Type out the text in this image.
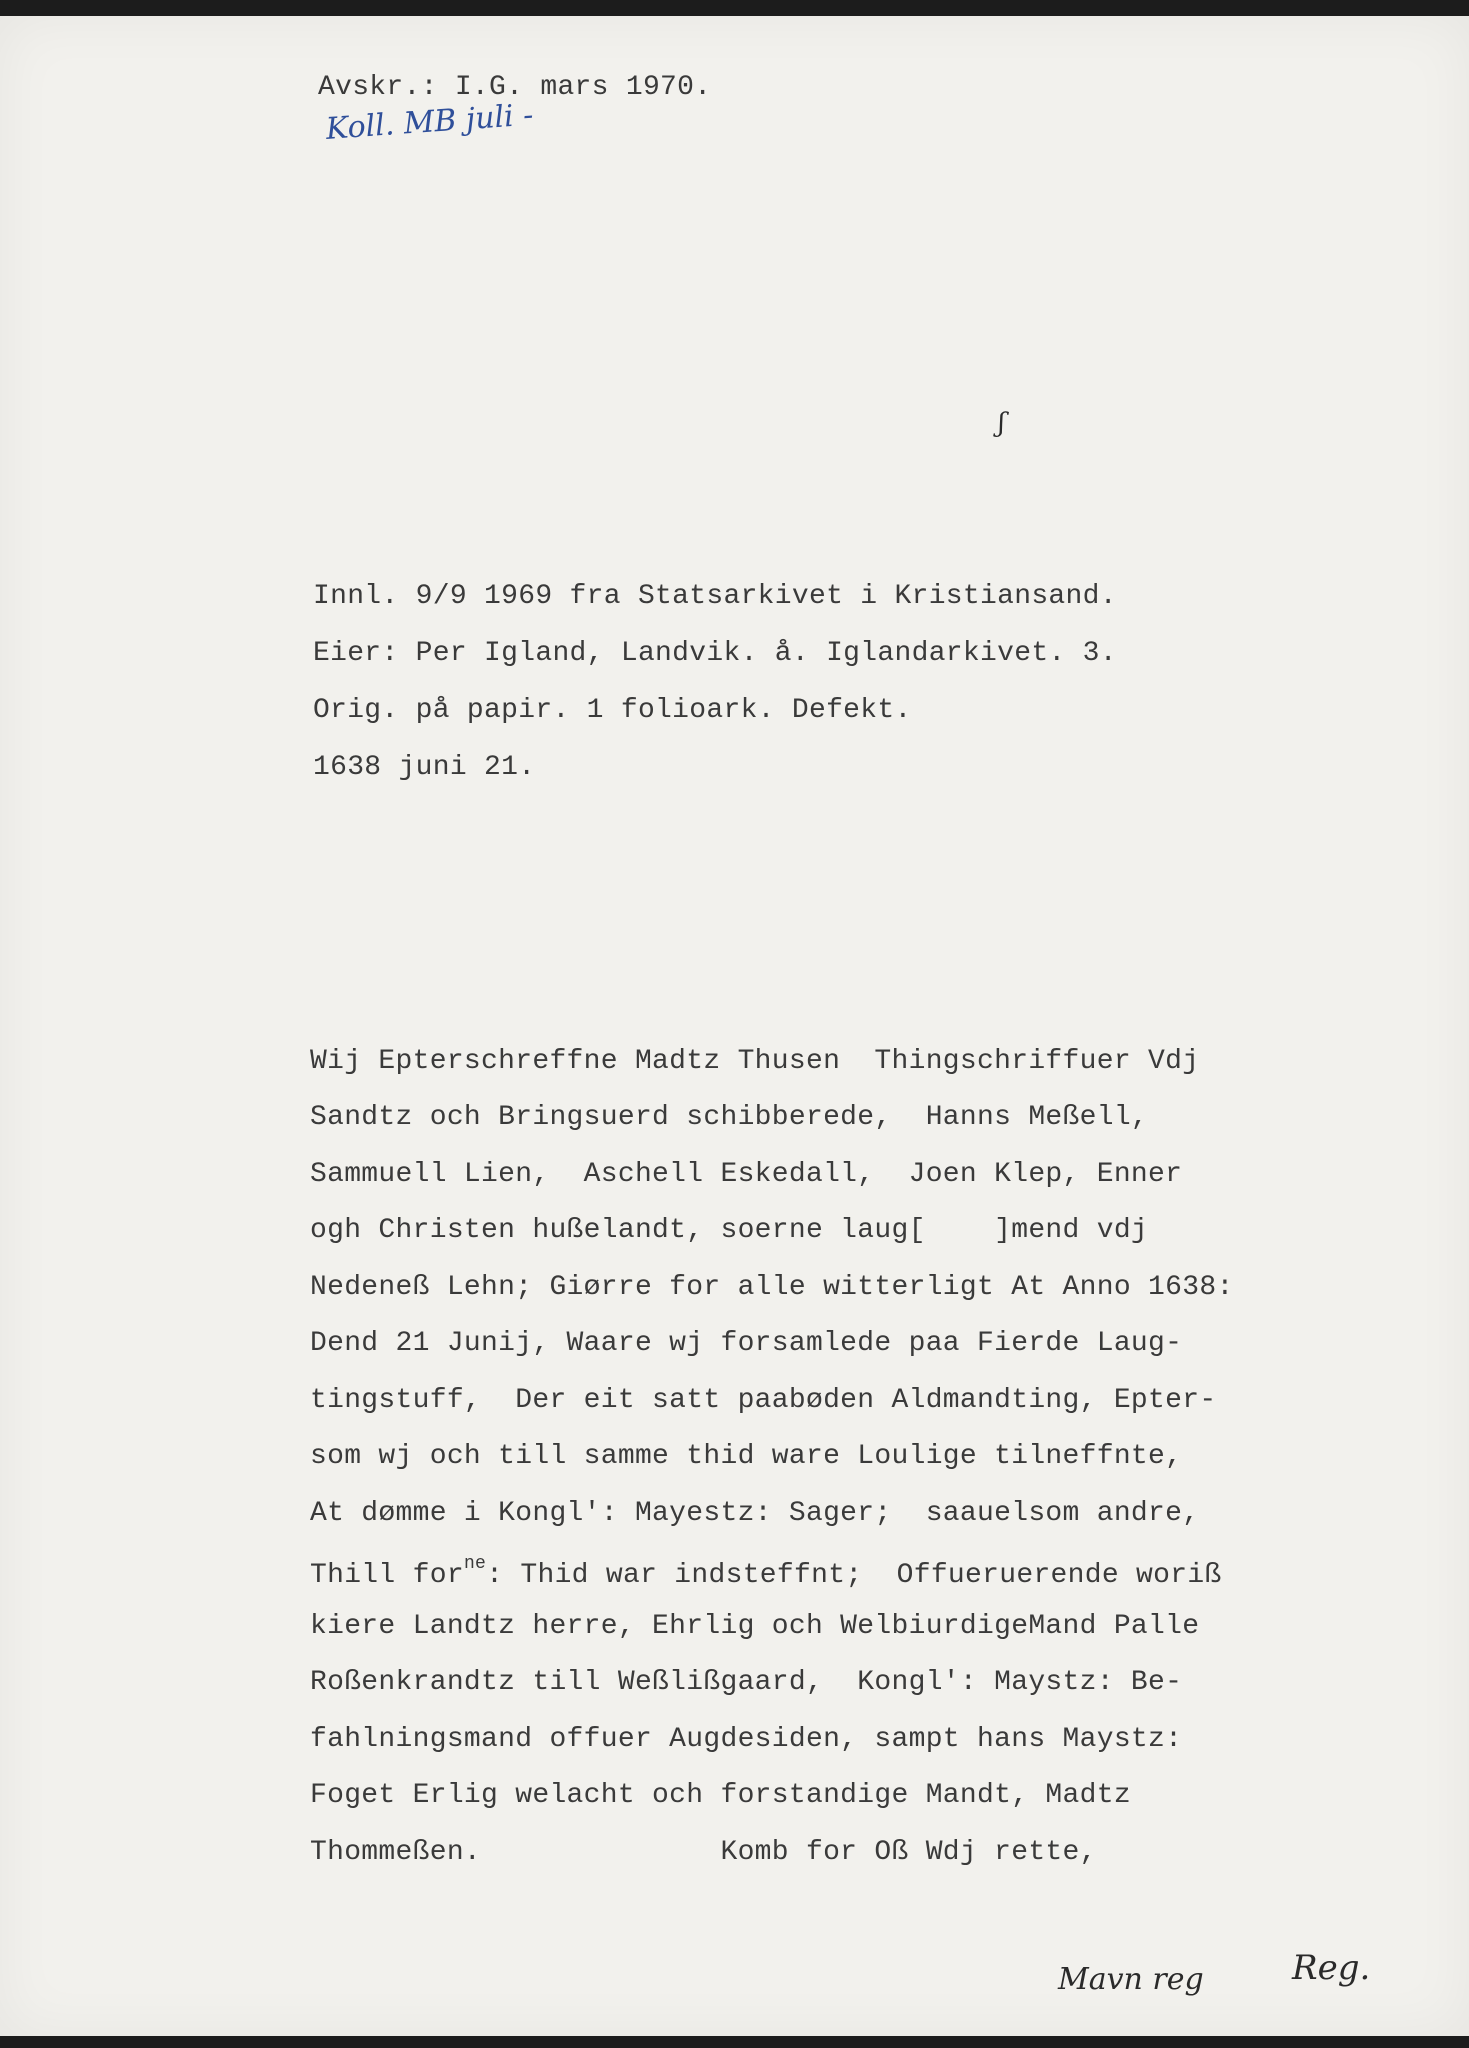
Avskr.: I.G. mars 1970.

Koll. MB juli -

ʃ

Innl. 9/9 1969 fra Statsarkivet i Kristiansand.

Eier: Per Igland, Landvik. å. Iglandarkivet. 3.

Orig. på papir. 1 folioark. Defekt.

1638 juni 21.

Wij Epterschreffne Madtz Thusen  Thingschriffuer Vdj

Sandtz och Bringsuerd schibberede,  Hanns Meßell,

Sammuell Lien,  Aschell Eskedall,  Joen Klep, Enner

ogh Christen hußelandt, soerne laug[    ]mend vdj

Nedeneß Lehn; Giørre for alle witterligt At Anno 1638:

Dend 21 Junij, Waare wj forsamlede paa Fierde Laug-

tingstuff,  Der eit satt paabøden Aldmandting, Epter-

som wj och till samme thid ware Loulige tilneffnte,

At dømme i Kongl': Mayestz: Sager;  saauelsom andre,

Thill for$^{ne}$: Thid war indsteffnt;  Offueruerende worіß

kiere Landtz herre, Ehrlig och WelbiurdigeMand Palle

Roßenkrandtz till Weßlißgaard,  Kongl': Maystz: Be-

fahlningsmand offuer Augdesiden, sampt hans Maystz:

Foget Erlig welacht och forstandige Mandt, Madtz

Thommeßen.              Komb for Oß Wdj rette,

Mavn reg	Reg.
